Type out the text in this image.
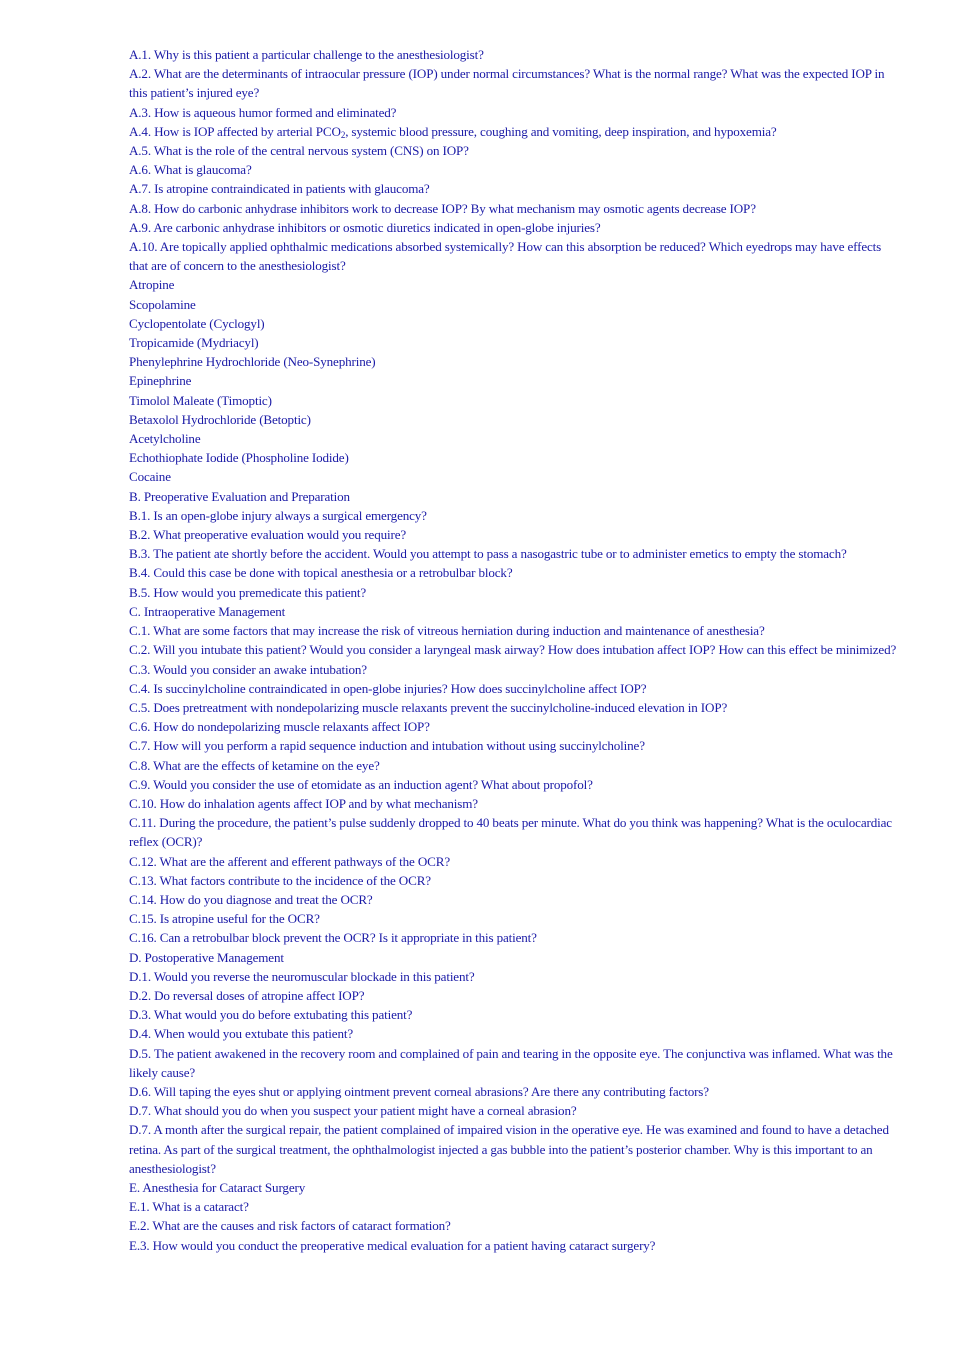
A.1. Why is this patient a particular challenge to the anesthesiologist?
A.2. What are the determinants of intraocular pressure (IOP) under normal circumstances? What is the normal range? What was the expected IOP in this patient’s injured eye?
A.3. How is aqueous humor formed and eliminated?
A.4. How is IOP affected by arterial $PCO_2$, systemic blood pressure, coughing and vomiting, deep inspiration, and hypoxemia?
A.5. What is the role of the central nervous system (CNS) on IOP?
A.6. What is glaucoma?
A.7. Is atropine contraindicated in patients with glaucoma?
A.8. How do carbonic anhydrase inhibitors work to decrease IOP? By what mechanism may osmotic agents decrease IOP?
A.9. Are carbonic anhydrase inhibitors or osmotic diuretics indicated in open-globe injuries?
A.10. Are topically applied ophthalmic medications absorbed systemically? How can this absorption be reduced? Which eyedrops may have effects that are of concern to the anesthesiologist?
Atropine
Scopolamine
Cyclopentolate (Cyclogyl)
Tropicamide (Mydriacyl)
Phenylephrine Hydrochloride (Neo-Synephrine)
Epinephrine
Timolol Maleate (Timoptic)
Betaxolol Hydrochloride (Betoptic)
Acetylcholine
Echothiophate Iodide (Phospholine Iodide)
Cocaine
B. Preoperative Evaluation and Preparation
B.1. Is an open-globe injury always a surgical emergency?
B.2. What preoperative evaluation would you require?
B.3. The patient ate shortly before the accident. Would you attempt to pass a nasogastric tube or to administer emetics to empty the stomach?
B.4. Could this case be done with topical anesthesia or a retrobulbar block?
B.5. How would you premedicate this patient?
C. Intraoperative Management
C.1. What are some factors that may increase the risk of vitreous herniation during induction and maintenance of anesthesia?
C.2. Will you intubate this patient? Would you consider a laryngeal mask airway? How does intubation affect IOP? How can this effect be minimized?
C.3. Would you consider an awake intubation?
C.4. Is succinylcholine contraindicated in open-globe injuries? How does succinylcholine affect IOP?
C.5. Does pretreatment with nondepolarizing muscle relaxants prevent the succinylcholine-induced elevation in IOP?
C.6. How do nondepolarizing muscle relaxants affect IOP?
C.7. How will you perform a rapid sequence induction and intubation without using succinylcholine?
C.8. What are the effects of ketamine on the eye?
C.9. Would you consider the use of etomidate as an induction agent? What about propofol?
C.10. How do inhalation agents affect IOP and by what mechanism?
C.11. During the procedure, the patient’s pulse suddenly dropped to 40 beats per minute. What do you think was happening? What is the oculocardiac reflex (OCR)?
C.12. What are the afferent and efferent pathways of the OCR?
C.13. What factors contribute to the incidence of the OCR?
C.14. How do you diagnose and treat the OCR?
C.15. Is atropine useful for the OCR?
C.16. Can a retrobulbar block prevent the OCR? Is it appropriate in this patient?
D. Postoperative Management
D.1. Would you reverse the neuromuscular blockade in this patient?
D.2. Do reversal doses of atropine affect IOP?
D.3. What would you do before extubating this patient?
D.4. When would you extubate this patient?
D.5. The patient awakened in the recovery room and complained of pain and tearing in the opposite eye. The conjunctiva was inflamed. What was the likely cause?
D.6. Will taping the eyes shut or applying ointment prevent corneal abrasions? Are there any contributing factors?
D.7. What should you do when you suspect your patient might have a corneal abrasion?
D.7. A month after the surgical repair, the patient complained of impaired vision in the operative eye. He was examined and found to have a detached retina. As part of the surgical treatment, the ophthalmologist injected a gas bubble into the patient’s posterior chamber. Why is this important to an anesthesiologist?
E. Anesthesia for Cataract Surgery
E.1. What is a cataract?
E.2. What are the causes and risk factors of cataract formation?
E.3. How would you conduct the preoperative medical evaluation for a patient having cataract surgery?
